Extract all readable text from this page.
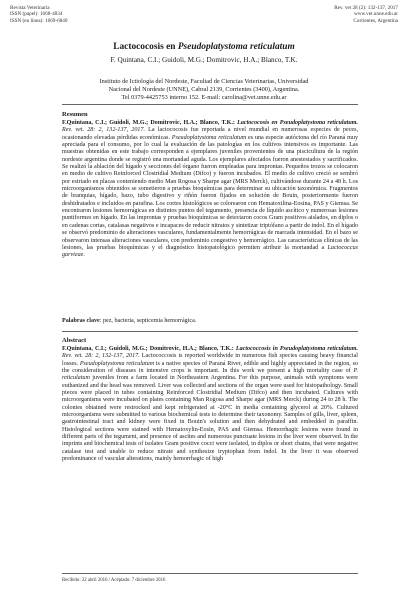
Revista Veterinaria
ISSN (papel): 1668-4834
ISSN (en línea): 1669-6840
Rev. vet 28 (2): 132-137, 2017
www.vet.unne.edu.ar
Corrientes, Argentina
Lactococosis en Pseudoplatystoma reticulatum
F. Quintana, C.I.; Guidoli, M.G.; Domitrovic, H.A.; Blanco, T.K.
Instituto de Ictiología del Nordeste, Facultad de Ciencias Veterinarias, Universidad
Nacional del Nordeste (UNNE), Cabral 2139, Corrientes (3400), Argentina.
Tel 0379-4425753 interno 152. E-mail: carolina@vet.unne.edu.ar
Resumen

F.Quintana, C.I.; Guidoli, M.G.; Domitrovic, H.A.; Blanco, T.K.: Lactococosis en Pseudoplatystoma reticulatum. Rev. vet. 28: 2, 132-137, 2017. La lactococosis fue reportada a nivel mundial en numerosas especies de peces, ocasionando elevadas pérdidas económicas. Pseudoplatystoma reticulatum es una especie autóctona del río Paraná muy apreciada para el consumo, por lo cual la evaluación de las patologías en los cultivos intensivos es importante. Las muestras obtenidas en este trabajo corresponden a ejemplares juveniles provenientes de una piscicultura de la región nordeste argentina donde se registró una mortandad aguda. Los ejemplares afectados fueron anestesiados y sacrificados. Se realizó la ablación del hígado y secciones del órgano fueron empleadas para improntas. Pequeños trozos se colocaron en medio de cultivo Reinforced Clostridial Medium (Difco) y fueron incubados. El medio de cultivo creció se sembró por estriado en placas conteniendo medio Man Rogosa y Sharpe agar (MRS Merck), cultivándose durante 24 a 48 h. Los microorganismos obtenidos se sometieron a pruebas bioquímicas para determinar su ubicación taxonómica. Fragmentos de branquias, hígado, bazo, tubo digestivo y riñón fueron fijados en solución de Bouin, posteriormente fueron deshidratados e incluidos en parafina. Los cortes histológicos se colorearon con Hematoxilina-Eosina, PAS y Giemsa. Se encontraron lesiones hemorrágicas en distintos puntos del tegumento, presencia de líquido ascítico y numerosas lesiones puntiformes en hígado. En las improntas y pruebas bioquímicas se detectaron cocos Gram positivos aislados, en diplos o en cadenas cortas, catalasas negativos e incapaces de reducir nitratos y sintetizar triptófano a partir de indol. En el hígado se observó predominio de alteraciones vasculares, fundamentalmente hemorrágicas de marcada intensidad. En el bazo se observaron intensas alteraciones vasculares, con predominio congestivo y hemorrágico. Las características clínicas de las lesiones, las pruebas bioquímicas y el diagnóstico histopatológico permiten atribuir la mortandad a Lactococcus garvieae.

Palabras clave: pez, bacteria, septicemia hemorrágica.
Abstract

F.Quintana, C.I.; Guidoli, M.G.; Domitrovic, H.A.; Blanco, T.K.: Lactococcosis in Pseudoplatystoma reticulatum. Rev. vet. 28: 2, 132-137, 2017. Lactococcosis is reported worldwide in numerous fish species causing heavy financial losses. Pseudoplatystoma reticulatum is a native species of Paraná River, edible and highly appreciated in the region, so the consideration of diseases in intensive crops is important. In this work we present a high mortality case of P. reticulatum juveniles from a farm located in Northeastern Argentina. For this purpose, animals with symptoms were euthanized and the head was removed. Liver was collected and sections of the organ were used for histopathology. Small pieces were placed in tubes containing Reinforced Clostridial Medium (Difco) and then incubated. Cultures with microorganisms were incubated on plates containing Man Rogosa and Sharpe agar (MRS Merck) during 24 to 28 h. The colonies obtained were restrocked and kept refrigerated at -20°C in media containing glycerol at 20%. Cultured microorganisms were submitted to various biochemical tests to determine their taxonomy. Samples of gills, liver, spleen, gastrointestinal tract and kidney were fixed in Bouin's solution and then dehydrated and embedded in paraffin. Histological sections were stained with Hematoxylin-Eosin, PAS and Giemsa. Hemorrhagic lesions were found in different parts of the tegument, and presence of ascites and numerous punctuate lesions in the liver were observed. In the imprints and biochemical tests of isolates Gram positive cocci were isolated, in diplos or short chains, that were negative catalase test and unable to reduce nitrate and synthesize tryptophan from indol. In the liver it was observed predominance of vascular alterations, mainly hemorrhagic of high

Recibido: 22 abril 2016 / Aceptado: 7 diciembre 2016
